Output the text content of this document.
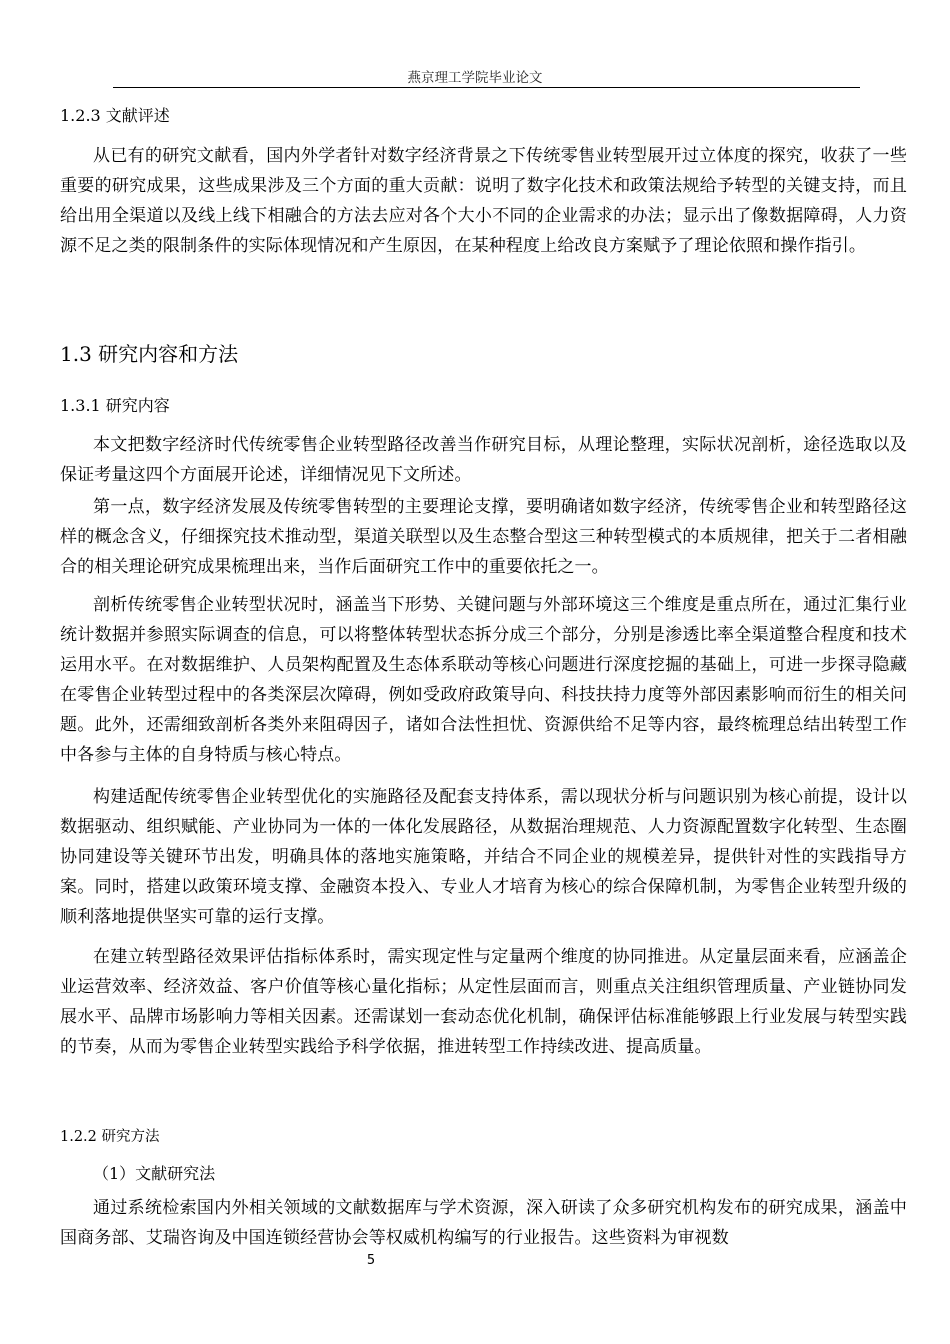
燕京理工学院毕业论文
1.2.3 文献评述

从已有的研究文献看，国内外学者针对数字经济背景之下传统零售业转型展开过立体度的探究，收获了一些重要的研究成果，这些成果涉及三个方面的重大贡献：说明了数字化技术和政策法规给予转型的关键支持，而且给出用全渠道以及线上线下相融合的方法去应对各个大小不同的企业需求的办法；显示出了像数据障碍，人力资源不足之类的限制条件的实际体现情况和产生原因，在某种程度上给改良方案赋予了理论依照和操作指引。

1.3 研究内容和方法
1.3.1 研究内容

本文把数字经济时代传统零售企业转型路径改善当作研究目标，从理论整理，实际状况剖析，途径选取以及保证考量这四个方面展开论述，详细情况见下文所述。

第一点，数字经济发展及传统零售转型的主要理论支撑，要明确诸如数字经济，传统零售企业和转型路径这样的概念含义，仔细探究技术推动型，渠道关联型以及生态整合型这三种转型模式的本质规律，把关于二者相融合的相关理论研究成果梳理出来，当作后面研究工作中的重要依托之一。

剖析传统零售企业转型状况时，涵盖当下形势、关键问题与外部环境这三个维度是重点所在，通过汇集行业统计数据并参照实际调查的信息，可以将整体转型状态拆分成三个部分，分别是渗透比率全渠道整合程度和技术运用水平。在对数据维护、人员架构配置及生态体系联动等核心问题进行深度挖掘的基础上，可进一步探寻隐藏在零售企业转型过程中的各类深层次障碍，例如受政府政策导向、科技扶持力度等外部因素影响而衍生的相关问题。此外，还需细致剖析各类外来阻碍因子，诸如合法性担忧、资源供给不足等内容，最终梳理总结出转型工作中各参与主体的自身特质与核心特点。

构建适配传统零售企业转型优化的实施路径及配套支持体系，需以现状分析与问题识别为核心前提，设计以数据驱动、组织赋能、产业协同为一体的一体化发展路径，从数据治理规范、人力资源配置数字化转型、生态圈协同建设等关键环节出发，明确具体的落地实施策略，并结合不同企业的规模差异，提供针对性的实践指导方案。同时，搭建以政策环境支撑、金融资本投入、专业人才培育为核心的综合保障机制，为零售企业转型升级的顺利落地提供坚实可靠的运行支撑。

在建立转型路径效果评估指标体系时，需实现定性与定量两个维度的协同推进。从定量层面来看，应涵盖企业运营效率、经济效益、客户价值等核心量化指标；从定性层面而言，则重点关注组织管理质量、产业链协同发展水平、品牌市场影响力等相关因素。还需谋划一套动态优化机制，确保评估标准能够跟上行业发展与转型实践的节奏，从而为零售企业转型实践给予科学依据，推进转型工作持续改进、提高质量。

1.2.2 研究方法
（1）文献研究法

通过系统检索国内外相关领域的文献数据库与学术资源，深入研读了众多研究机构发布的研究成果，涵盖中国商务部、艾瑞咨询及中国连锁经营协会等权威机构编写的行业报告。这些资料为审视数

5
